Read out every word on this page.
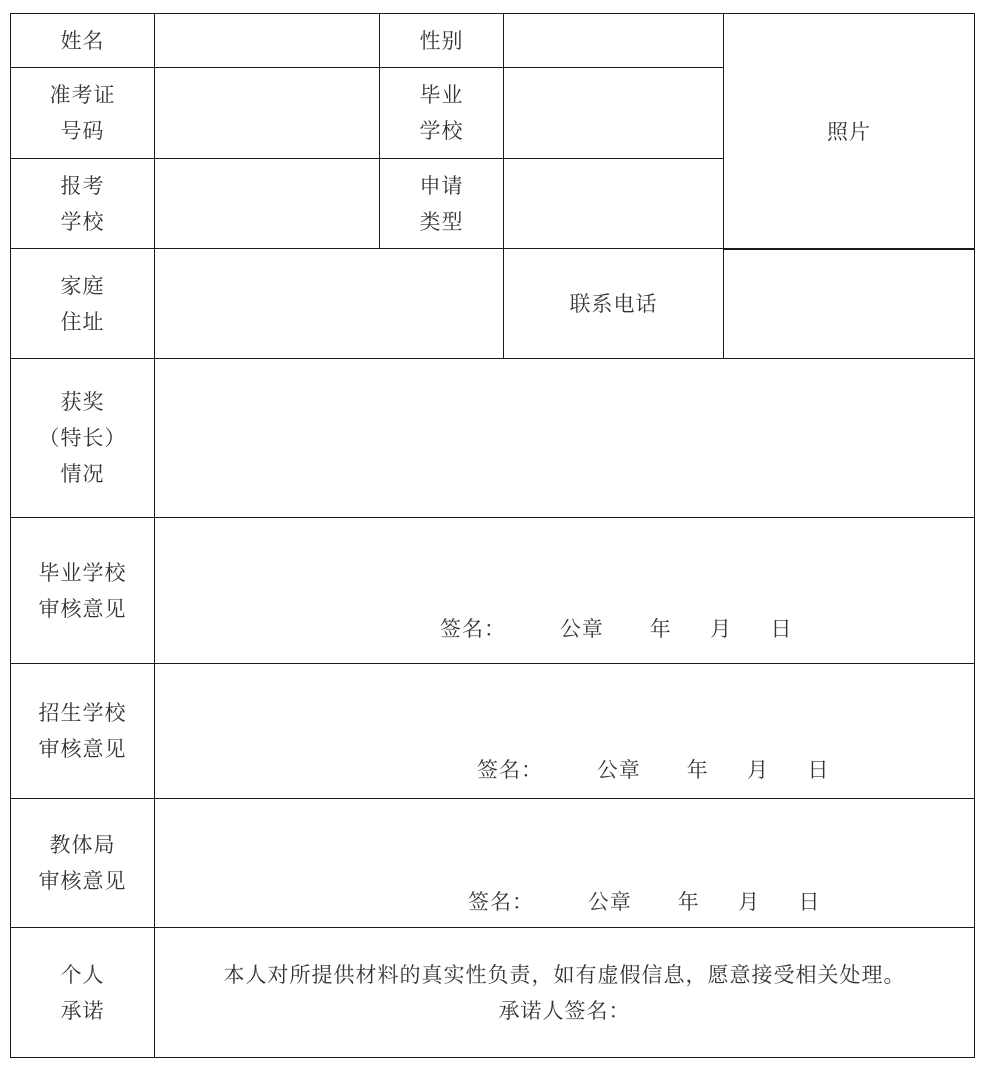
姓名	性别
照片
准考证
号码
毕业
学校
报考
学校
申请
类型
家庭
住址
联系电话
获奖
（特长）
情况
毕业学校
审核意见
签名：       公章      年     月     日
招生学校
审核意见
签名：       公章      年     月     日
教体局
审核意见
签名：       公章      年     月     日
个人
承诺
本人对所提供材料的真实性负责，如有虚假信息，愿意接受相关处理。
承诺人签名：
